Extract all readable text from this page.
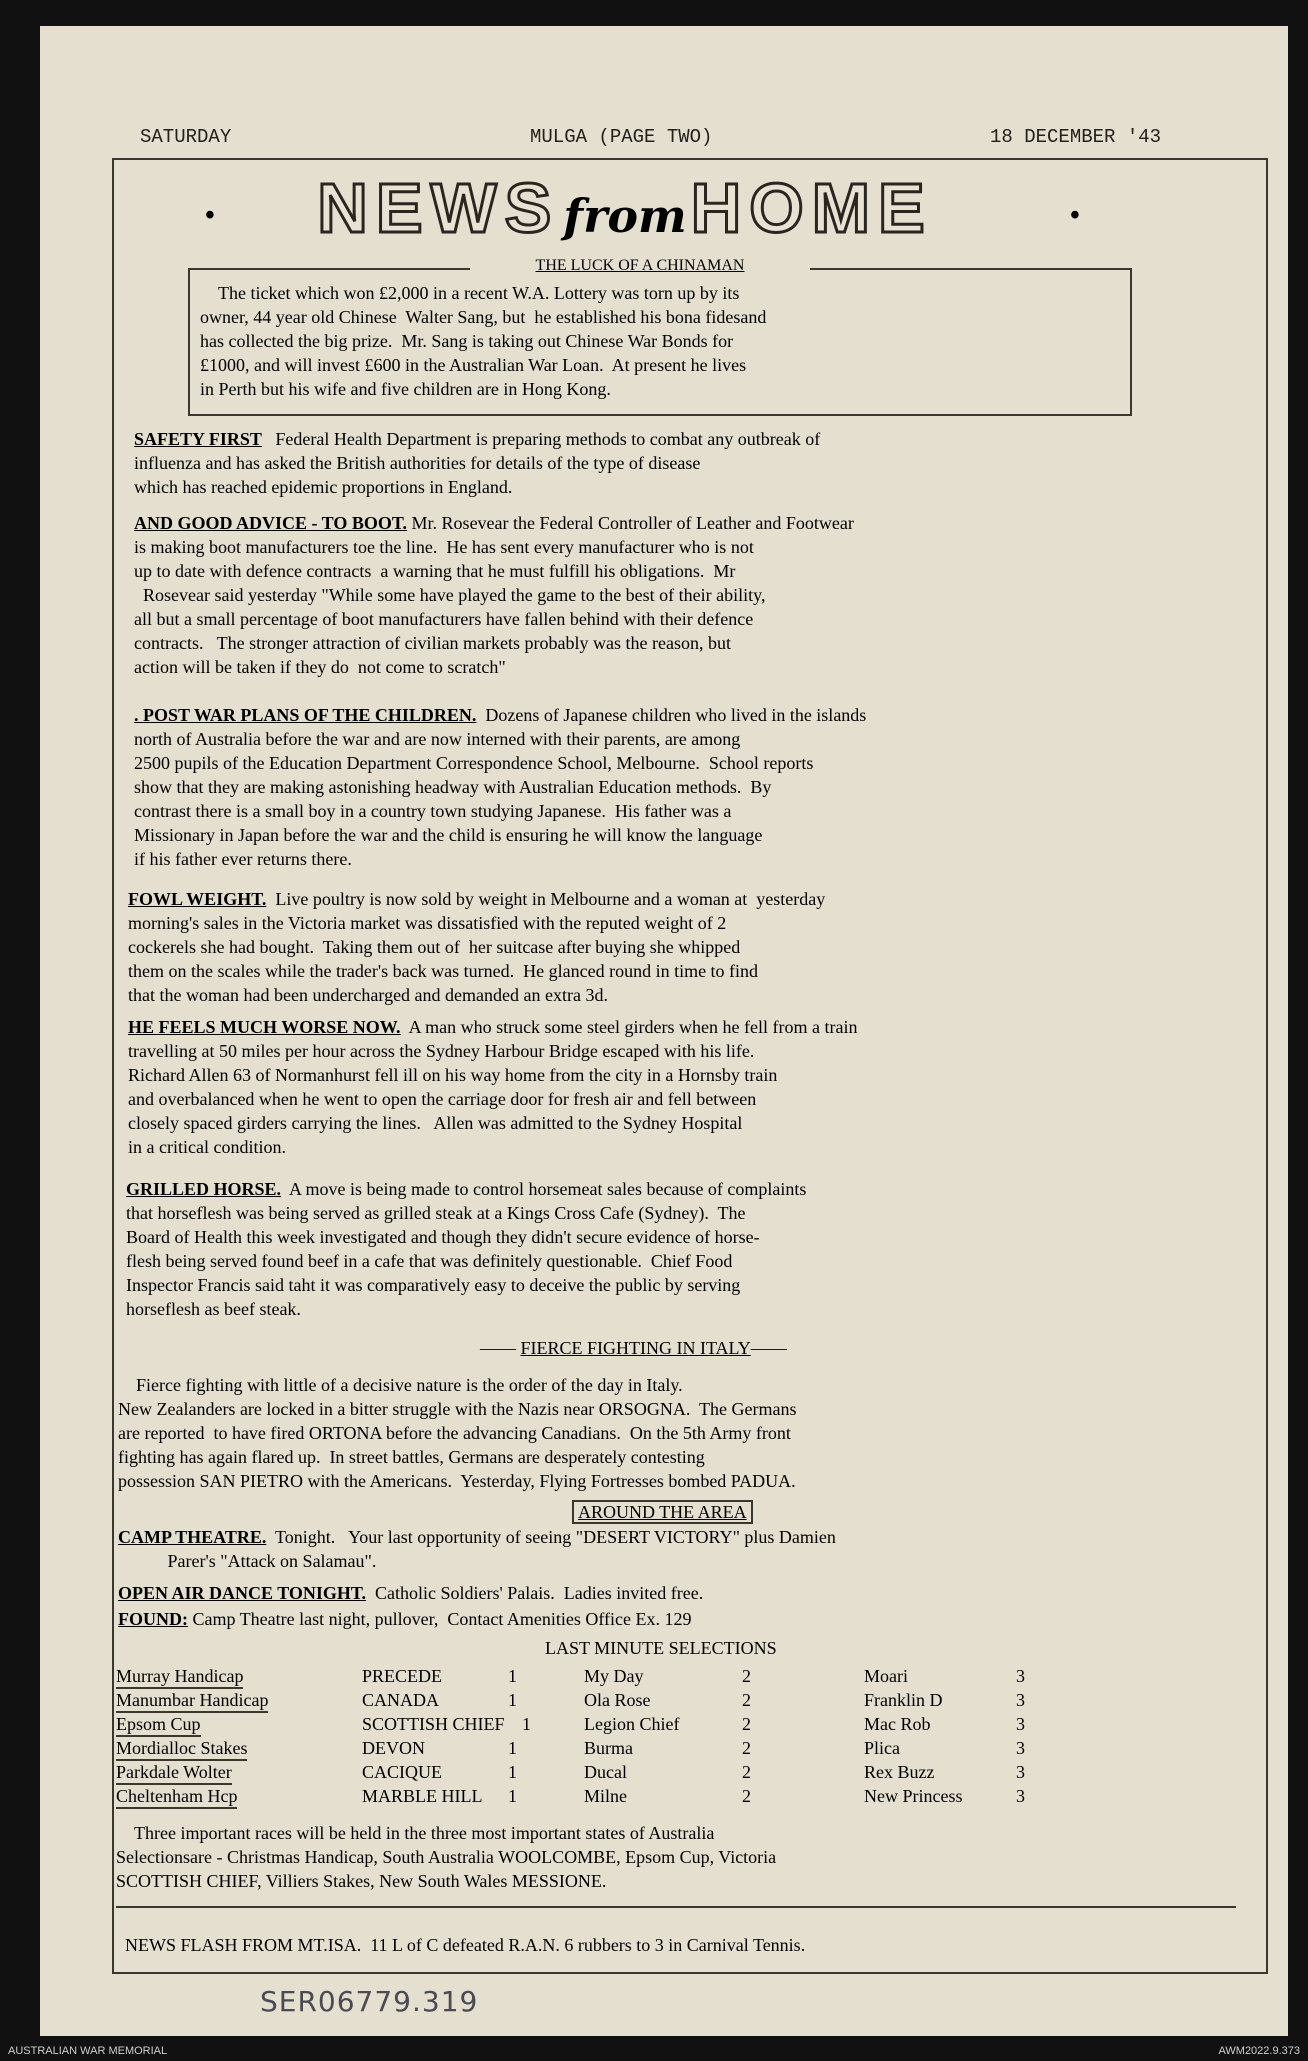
SATURDAY	MULGA (PAGE TWO)	18 DECEMBER '43
•	•
NEWS from HOME
THE LUCK OF A CHINAMAN
The ticket which won £2,000 in a recent W.A. Lottery was torn up by its
owner, 44 year old Chinese  Walter Sang, but  he established his bona fidesand
has collected the big prize.  Mr. Sang is taking out Chinese War Bonds for
£1000, and will invest £600 in the Australian War Loan.  At present he lives
in Perth but his wife and five children are in Hong Kong.
SAFETY FIRST   Federal Health Department is preparing methods to combat any outbreak of
influenza and has asked the British authorities for details of the type of disease
which has reached epidemic proportions in England.
AND GOOD ADVICE - TO BOOT. Mr. Rosevear the Federal Controller of Leather and Footwear
is making boot manufacturers toe the line.  He has sent every manufacturer who is not
up to date with defence contracts  a warning that he must fulfill his obligations.  Mr
Rosevear said yesterday "While some have played the game to the best of their ability,
all but a small percentage of boot manufacturers have fallen behind with their defence
contracts.   The stronger attraction of civilian markets probably was the reason, but
action will be taken if they do  not come to scratch"
. POST WAR PLANS OF THE CHILDREN.  Dozens of Japanese children who lived in the islands
north of Australia before the war and are now interned with their parents, are among
2500 pupils of the Education Department Correspondence School, Melbourne.  School reports
show that they are making astonishing headway with Australian Education methods.  By
contrast there is a small boy in a country town studying Japanese.  His father was a
Missionary in Japan before the war and the child is ensuring he will know the language
if his father ever returns there.
FOWL WEIGHT.  Live poultry is now sold by weight in Melbourne and a woman at  yesterday
morning's sales in the Victoria market was dissatisfied with the reputed weight of 2
cockerels she had bought.  Taking them out of  her suitcase after buying she whipped
them on the scales while the trader's back was turned.  He glanced round in time to find
that the woman had been undercharged and demanded an extra 3d.
HE FEELS MUCH WORSE NOW.  A man who struck some steel girders when he fell from a train
travelling at 50 miles per hour across the Sydney Harbour Bridge escaped with his life.
Richard Allen 63 of Normanhurst fell ill on his way home from the city in a Hornsby train
and overbalanced when he went to open the carriage door for fresh air and fell between
closely spaced girders carrying the lines.   Allen was admitted to the Sydney Hospital
in a critical condition.
GRILLED HORSE.  A move is being made to control horsemeat sales because of complaints
that horseflesh was being served as grilled steak at a Kings Cross Cafe (Sydney).  The
Board of Health this week investigated and though they didn't secure evidence of horse-
flesh being served found beef in a cafe that was definitely questionable.  Chief Food
Inspector Francis said taht it was comparatively easy to deceive the public by serving
horseflesh as beef steak.
—— FIERCE FIGHTING IN ITALY——
Fierce fighting with little of a decisive nature is the order of the day in Italy.
New Zealanders are locked in a bitter struggle with the Nazis near ORSOGNA.  The Germans
are reported  to have fired ORTONA before the advancing Canadians.  On the 5th Army front
fighting has again flared up.  In street battles, Germans are desperately contesting
possession SAN PIETRO with the Americans.  Yesterday, Flying Fortresses bombed PADUA.
AROUND THE AREA
CAMP THEATRE.  Tonight.   Your last opportunity of seeing "DESERT VICTORY" plus Damien
Parer's "Attack on Salamau".
OPEN AIR DANCE TONIGHT.  Catholic Soldiers' Palais.  Ladies invited free.
FOUND: Camp Theatre last night, pullover,  Contact Amenities Office Ex. 129
LAST MINUTE SELECTIONS
Murray Handicap	PRECEDE	1	My Day	2	Moari	3
Manumbar Handicap	CANADA	1	Ola Rose	2	Franklin D	3
Epsom Cup	SCOTTISH CHIEF 1	Legion Chief	2	Mac Rob	3
Mordialloc Stakes	DEVON	1	Burma	2	Plica	3
Parkdale Wolter	CACIQUE	1	Ducal	2	Rex Buzz	3
Cheltenham Hcp	MARBLE HILL 1	Milne	2	New Princess	3
Three important races will be held in the three most important states of Australia
Selectionsare - Christmas Handicap, South Australia WOOLCOMBE, Epsom Cup, Victoria
SCOTTISH CHIEF, Villiers Stakes, New South Wales MESSIONE.

NEWS FLASH FROM MT.ISA.  11 L of C defeated R.A.N. 6 rubbers to 3 in Carnival Tennis.

SER06779.319
AUSTRALIAN WAR MEMORIAL	AWM2022.9.373
